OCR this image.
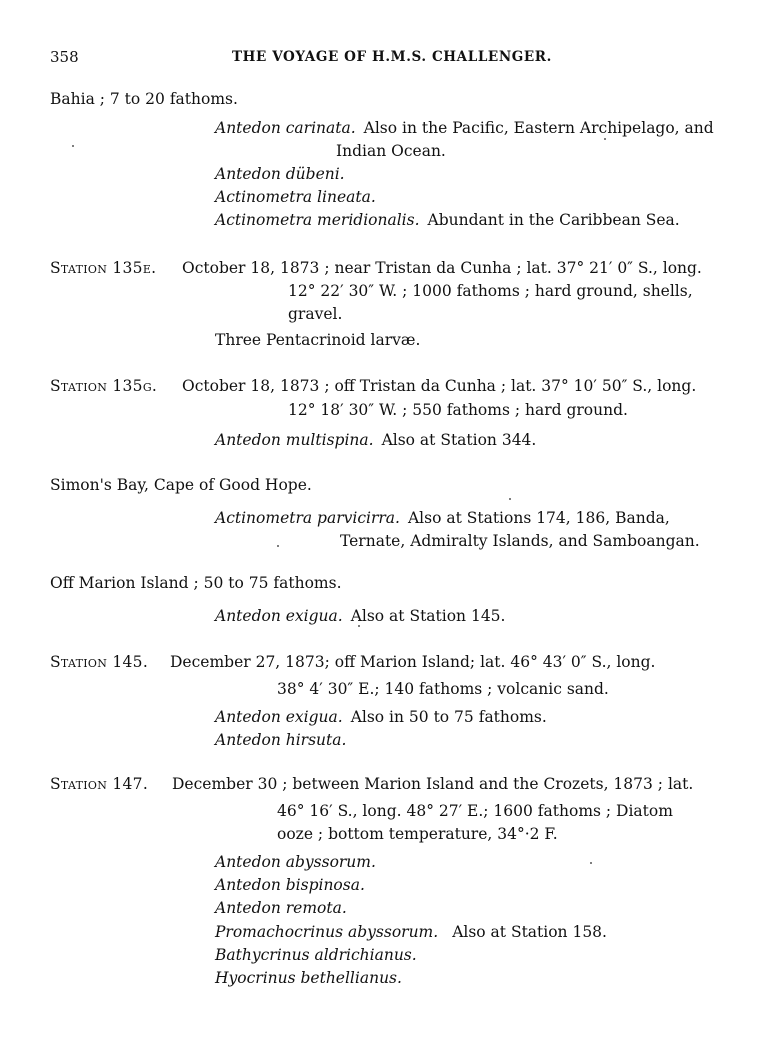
358	THE VOYAGE OF H.M.S. CHALLENGER.
Bahia ; 7 to 20 fathoms.
Antedon carinata. Also in the Pacific, Eastern Archipelago, and
Indian Ocean.
Antedon dübeni.
Actinometra lineata.
Actinometra meridionalis. Abundant in the Caribbean Sea.
Station 135e. October 18, 1873 ; near Tristan da Cunha ; lat. 37° 21′ 0″ S., long.
12° 22′ 30″ W. ; 1000 fathoms ; hard ground, shells,
gravel.
Three Pentacrinoid larvæ.
Station 135g. October 18, 1873 ; off Tristan da Cunha ; lat. 37° 10′ 50″ S., long.
12° 18′ 30″ W. ; 550 fathoms ; hard ground.
Antedon multispina. Also at Station 344.
Simon's Bay, Cape of Good Hope.
Actinometra parvicirra. Also at Stations 174, 186, Banda,
Ternate, Admiralty Islands, and Samboangan.
Off Marion Island ; 50 to 75 fathoms.
Antedon exigua. Also at Station 145.
Station 145. December 27, 1873; off Marion Island; lat. 46° 43′ 0″ S., long.
38° 4′ 30″ E.; 140 fathoms ; volcanic sand.
Antedon exigua. Also in 50 to 75 fathoms.
Antedon hirsuta.
Station 147. December 30 ; between Marion Island and the Crozets, 1873 ; lat.
46° 16′ S., long. 48° 27′ E.; 1600 fathoms ; Diatom
ooze ; bottom temperature, 34°·2 F.
Antedon abyssorum.
Antedon bispinosa.
Antedon remota.
Promachocrinus abyssorum. Also at Station 158.
Bathycrinus aldrichianus.
Hyocrinus bethellianus.
